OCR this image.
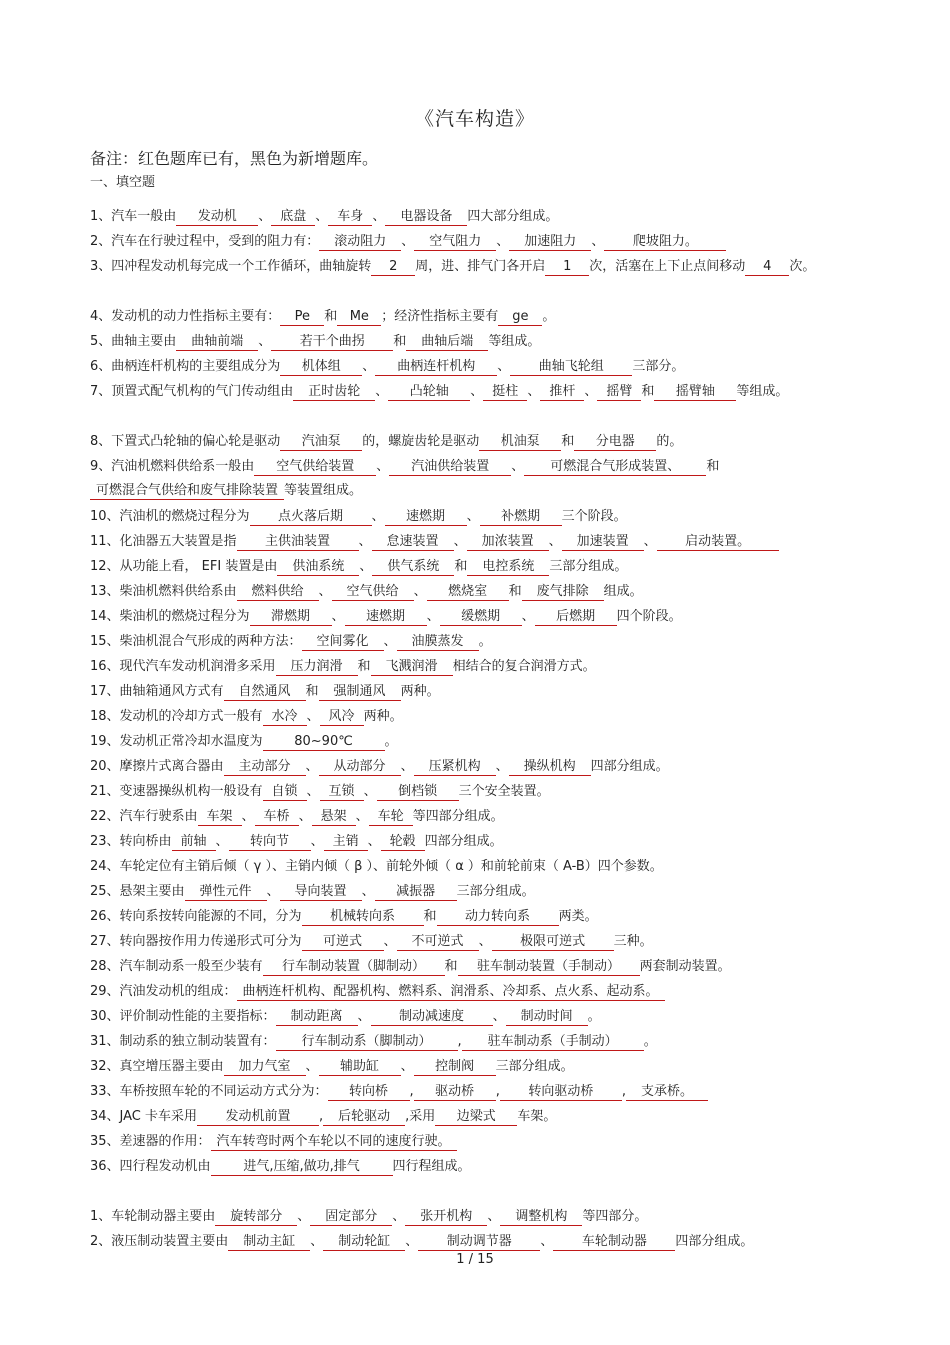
《汽车构造》
备注：红色题库已有，黑色为新增题库。
一、填空题
1、汽车一般由 发动机 、 底盘 、 车身 、 电器设备 四大部分组成。
2、汽车在行驶过程中，受到的阻力有： 滚动阻力 、 空气阻力 、 加速阻力 、 爬坡阻力。
3、四冲程发动机每完成一个工作循环，曲轴旋转 2 周，进、排气门各开启 1 次，活塞在上下止点间移动 4 次。
4、发动机的动力性指标主要有： Pe 和 Me ；经济性指标主要有 ge 。
5、曲轴主要由 曲轴前端 、 若干个曲拐 和 曲轴后端 等组成。
6、曲柄连杆机构的主要组成分为 机体组 、 曲柄连杆机构 、 曲轴飞轮组 三部分。
7、顶置式配气机构的气门传动组由 正时齿轮 、 凸轮轴 、 挺柱 、 推杆 、 摇臂 和 摇臂轴 等组成。
8、下置式凸轮轴的偏心轮是驱动 汽油泵 的，螺旋齿轮是驱动 机油泵 和 分电器 的。
9、汽油机燃料供给系一般由 空气供给装置 、 汽油供给装置 、 可燃混合气形成装置、 和可燃混合气供给和废气排除装置 等装置组成。
10、汽油机的燃烧过程分为 点火落后期 、 速燃期 、 补燃期 三个阶段。
11、化油器五大装置是指 主供油装置 、 怠速装置 、 加浓装置 、 加速装置 、 启动装置。
12、从功能上看， EFI 装置是由 供油系统 、 供气系统 和 电控系统 三部分组成。
13、柴油机燃料供给系由 燃料供给 、 空气供给 、 燃烧室 和 废气排除 组成。
14、柴油机的燃烧过程分为 滞燃期 、 速燃期 、 缓燃期 、 后燃期 四个阶段。
15、柴油机混合气形成的两种方法： 空间雾化 、 油膜蒸发 。
16、现代汽车发动机润滑多采用 压力润滑 和 飞溅润滑 相结合的复合润滑方式。
17、曲轴箱通风方式有 自然通风 和 强制通风 两种。
18、发动机的冷却方式一般有 水冷 、 风冷 两种。
19、发动机正常冷却水温度为 80~90℃ 。
20、摩擦片式离合器由 主动部分 、 从动部分 、 压紧机构 、 操纵机构 四部分组成。
21、变速器操纵机构一般设有 自锁 、 互锁 、 倒档锁 三个安全装置。
22、汽车行驶系由 车架 、 车桥 、 悬架 、 车轮 等四部分组成。
23、转向桥由 前轴 、 转向节 、 主销 、 轮毂 四部分组成。
24、车轮定位有主销后倾（ γ ）、主销内倾（ β ）、前轮外倾（ α ）和前轮前束（ A-B）四个参数。
25、悬架主要由 弹性元件 、 导向装置 、 减振器 三部分组成。
26、转向系按转向能源的不同，分为 机械转向系 和 动力转向系 两类。
27、转向器按作用力传递形式可分为 可逆式 、 不可逆式 、 极限可逆式 三种。
28、汽车制动系一般至少装有 行车制动装置（脚制动） 和 驻车制动装置（手制动） 两套制动装置。
29、汽油发动机的组成： 曲柄连杆机构、配器机构、燃料系、润滑系、冷却系、点火系、起动系。
30、评价制动性能的主要指标： 制动距离 、 制动减速度 、 制动时间 。
31、制动系的独立制动装置有： 行车制动系（脚制动） , 驻车制动系（手制动） 。
32、真空增压器主要由 加力气室 、 辅助缸 、 控制阀 三部分组成。
33、车桥按照车轮的不同运动方式分为： 转向桥 , 驱动桥 , 转向驱动桥 , 支承桥。
34、JAC 卡车采用 发动机前置 , 后轮驱动 ,采用 边梁式 车架。
35、差速器的作用： 汽车转弯时两个车轮以不同的速度行驶。
36、四行程发动机由	进气,压缩,做功,排气	四行程组成。
1、车轮制动器主要由 旋转部分 、 固定部分 、 张开机构 、 调整机构 等四部分。
2、液压制动装置主要由 制动主缸 、 制动轮缸 、 制动调节器 、 车轮制动器 四部分组成。
1 / 15
